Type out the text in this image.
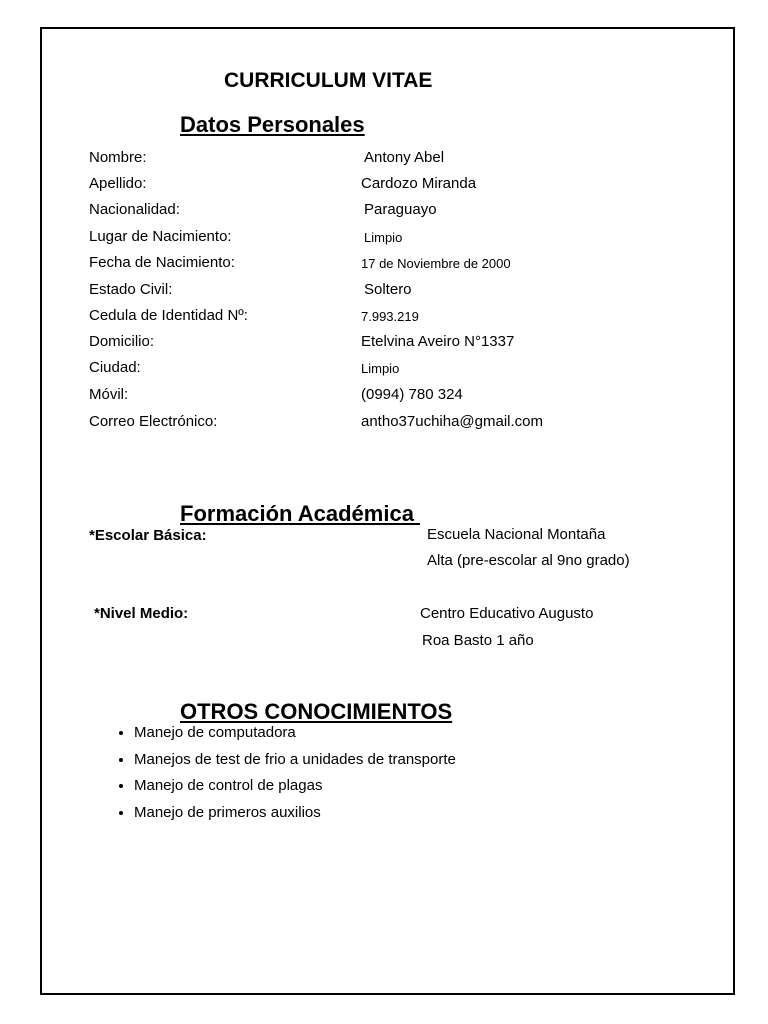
CURRICULUM VITAE
Datos Personales
Nombre:	Antony Abel
Apellido:	Cardozo Miranda
Nacionalidad:	Paraguayo
Lugar de Nacimiento:	Limpio
Fecha de Nacimiento:	17 de Noviembre de 2000
Estado Civil:	Soltero
Cedula de Identidad Nº:	7.993.219
Domicilio:	Etelvina Aveiro N°1337
Ciudad:	Limpio
Móvil:	(0994) 780 324
Correo Electrónico:	antho37uchiha@gmail.com
Formación Académica
*Escolar Básica:	Escuela Nacional Montaña
Alta (pre-escolar al 9no grado)
*Nivel Medio:	Centro Educativo Augusto
Roa Basto 1 año
OTROS CONOCIMIENTOS
• Manejo de computadora
• Manejos de test de frio a unidades de transporte
• Manejo de control de plagas
• Manejo de primeros auxilios
